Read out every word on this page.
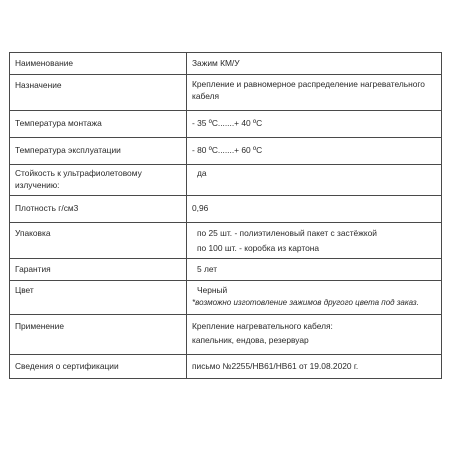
Наименование	Зажим КМ/У
Назначение	Крепление и равномерное распределение нагревательного
кабеля

Температура монтажа	- 35 ºС.......+ 40 ºС
Температура эксплуатации	- 80 ºС.......+ 60 ºС

Стойкость к ультрафиолетовому
излучению:	да
Плотность г/см3	0,96
Упаковка	по 25 шт. - полиэтиленовый пакет с застёжкой
по 100 шт. - коробка из картона

Гарантия	5 лет
Цвет	Черный
*возможно изготовление зажимов другого цвета под заказ.

Применение	Крепление нагревательного кабеля:
капельник, ендова, резервуар

Сведения о сертификации	письмо №2255/НВ61/НВ61 от 19.08.2020 г.
